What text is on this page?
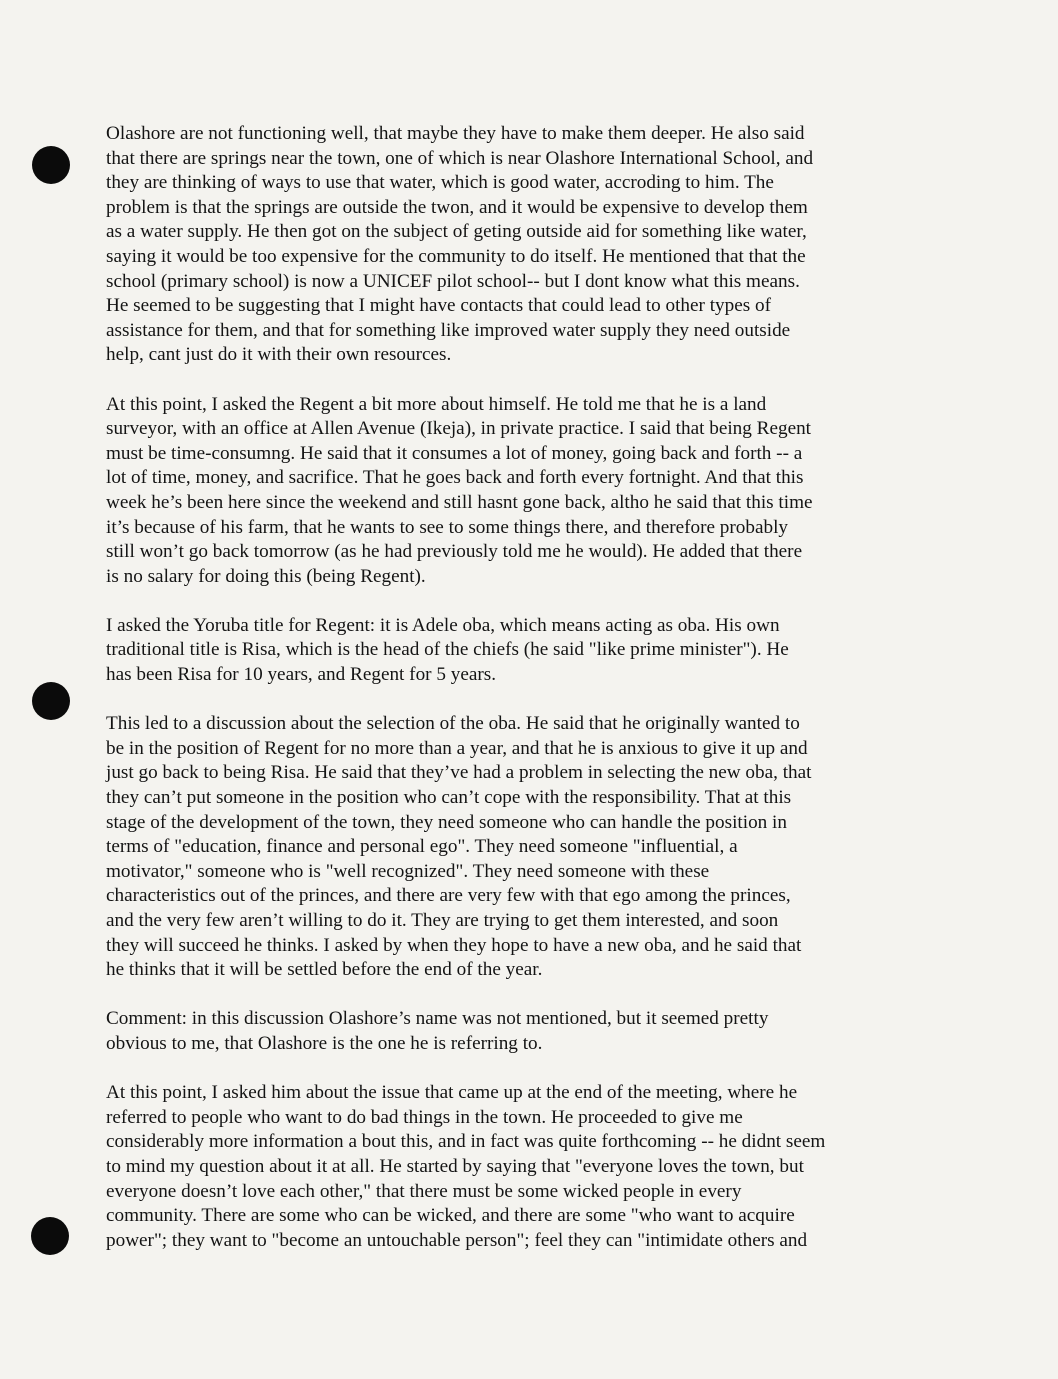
Olashore are not functioning well, that maybe they have to make them deeper. He also said
that there are springs near the town, one of which is near Olashore International School, and
they are thinking of ways to use that water, which is good water, accroding to him. The
problem is that the springs are outside the twon, and it would be expensive to develop them
as a water supply. He then got on the subject of geting outside aid for something like water,
saying it would be too expensive for the community to do itself. He mentioned that that the
school (primary school) is now a UNICEF pilot school-- but I dont know what this means.
He seemed to be suggesting that I might have contacts that could lead to other types of
assistance for them, and that for something like improved water supply they need outside
help, cant just do it with their own resources.

At this point, I asked the Regent a bit more about himself. He told me that he is a land
surveyor, with an office at Allen Avenue (Ikeja), in private practice. I said that being Regent
must be time-consumng. He said that it consumes a lot of money, going back and forth -- a
lot of time, money, and sacrifice. That he goes back and forth every fortnight. And that this
week he’s been here since the weekend and still hasnt gone back, altho he said that this time
it’s because of his farm, that he wants to see to some things there, and therefore probably
still won’t go back tomorrow (as he had previously told me he would). He added that there
is no salary for doing this (being Regent).

I asked the Yoruba title for Regent: it is Adele oba, which means acting as oba. His own
traditional title is Risa, which is the head of the chiefs (he said "like prime minister"). He
has been Risa for 10 years, and Regent for 5 years.

This led to a discussion about the selection of the oba. He said that he originally wanted to
be in the position of Regent for no more than a year, and that he is anxious to give it up and
just go back to being Risa. He said that they’ve had a problem in selecting the new oba, that
they can’t put someone in the position who can’t cope with the responsibility. That at this
stage of the development of the town, they need someone who can handle the position in
terms of "education, finance and personal ego". They need someone "influential, a
motivator," someone who is "well recognized". They need someone with these
characteristics out of the princes, and there are very few with that ego among the princes,
and the very few aren’t willing to do it. They are trying to get them interested, and soon
they will succeed he thinks. I asked by when they hope to have a new oba, and he said that
he thinks that it will be settled before the end of the year.

Comment: in this discussion Olashore’s name was not mentioned, but it seemed pretty
obvious to me, that Olashore is the one he is referring to.

At this point, I asked him about the issue that came up at the end of the meeting, where he
referred to people who want to do bad things in the town. He proceeded to give me
considerably more information a bout this, and in fact was quite forthcoming -- he didnt seem
to mind my question about it at all. He started by saying that "everyone loves the town, but
everyone doesn’t love each other," that there must be some wicked people in every
community. There are some who can be wicked, and there are some "who want to acquire
power"; they want to "become an untouchable person"; feel they can "intimidate others and
